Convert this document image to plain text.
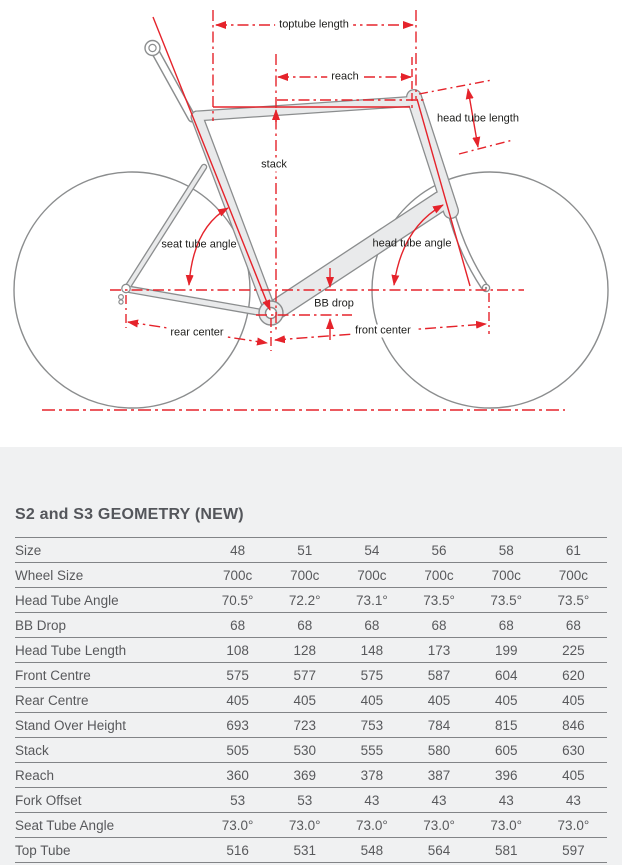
toptube length
reach
head tube length
stack
seat tube angle	head tube angle
BB drop
rear center	front center
S2 and S3 GEOMETRY (NEW)
Size	48	51	54	56	58	61
Wheel Size	700c	700c	700c	700c	700c	700c
Head Tube Angle	70.5°	72.2°	73.1°	73.5°	73.5°	73.5°
BB Drop	68	68	68	68	68	68
Head Tube Length	108	128	148	173	199	225
Front Centre	575	577	575	587	604	620
Rear Centre	405	405	405	405	405	405
Stand Over Height	693	723	753	784	815	846
Stack	505	530	555	580	605	630
Reach	360	369	378	387	396	405
Fork Offset	53	53	43	43	43	43
Seat Tube Angle	73.0°	73.0°	73.0°	73.0°	73.0°	73.0°
Top Tube	516	531	548	564	581	597
